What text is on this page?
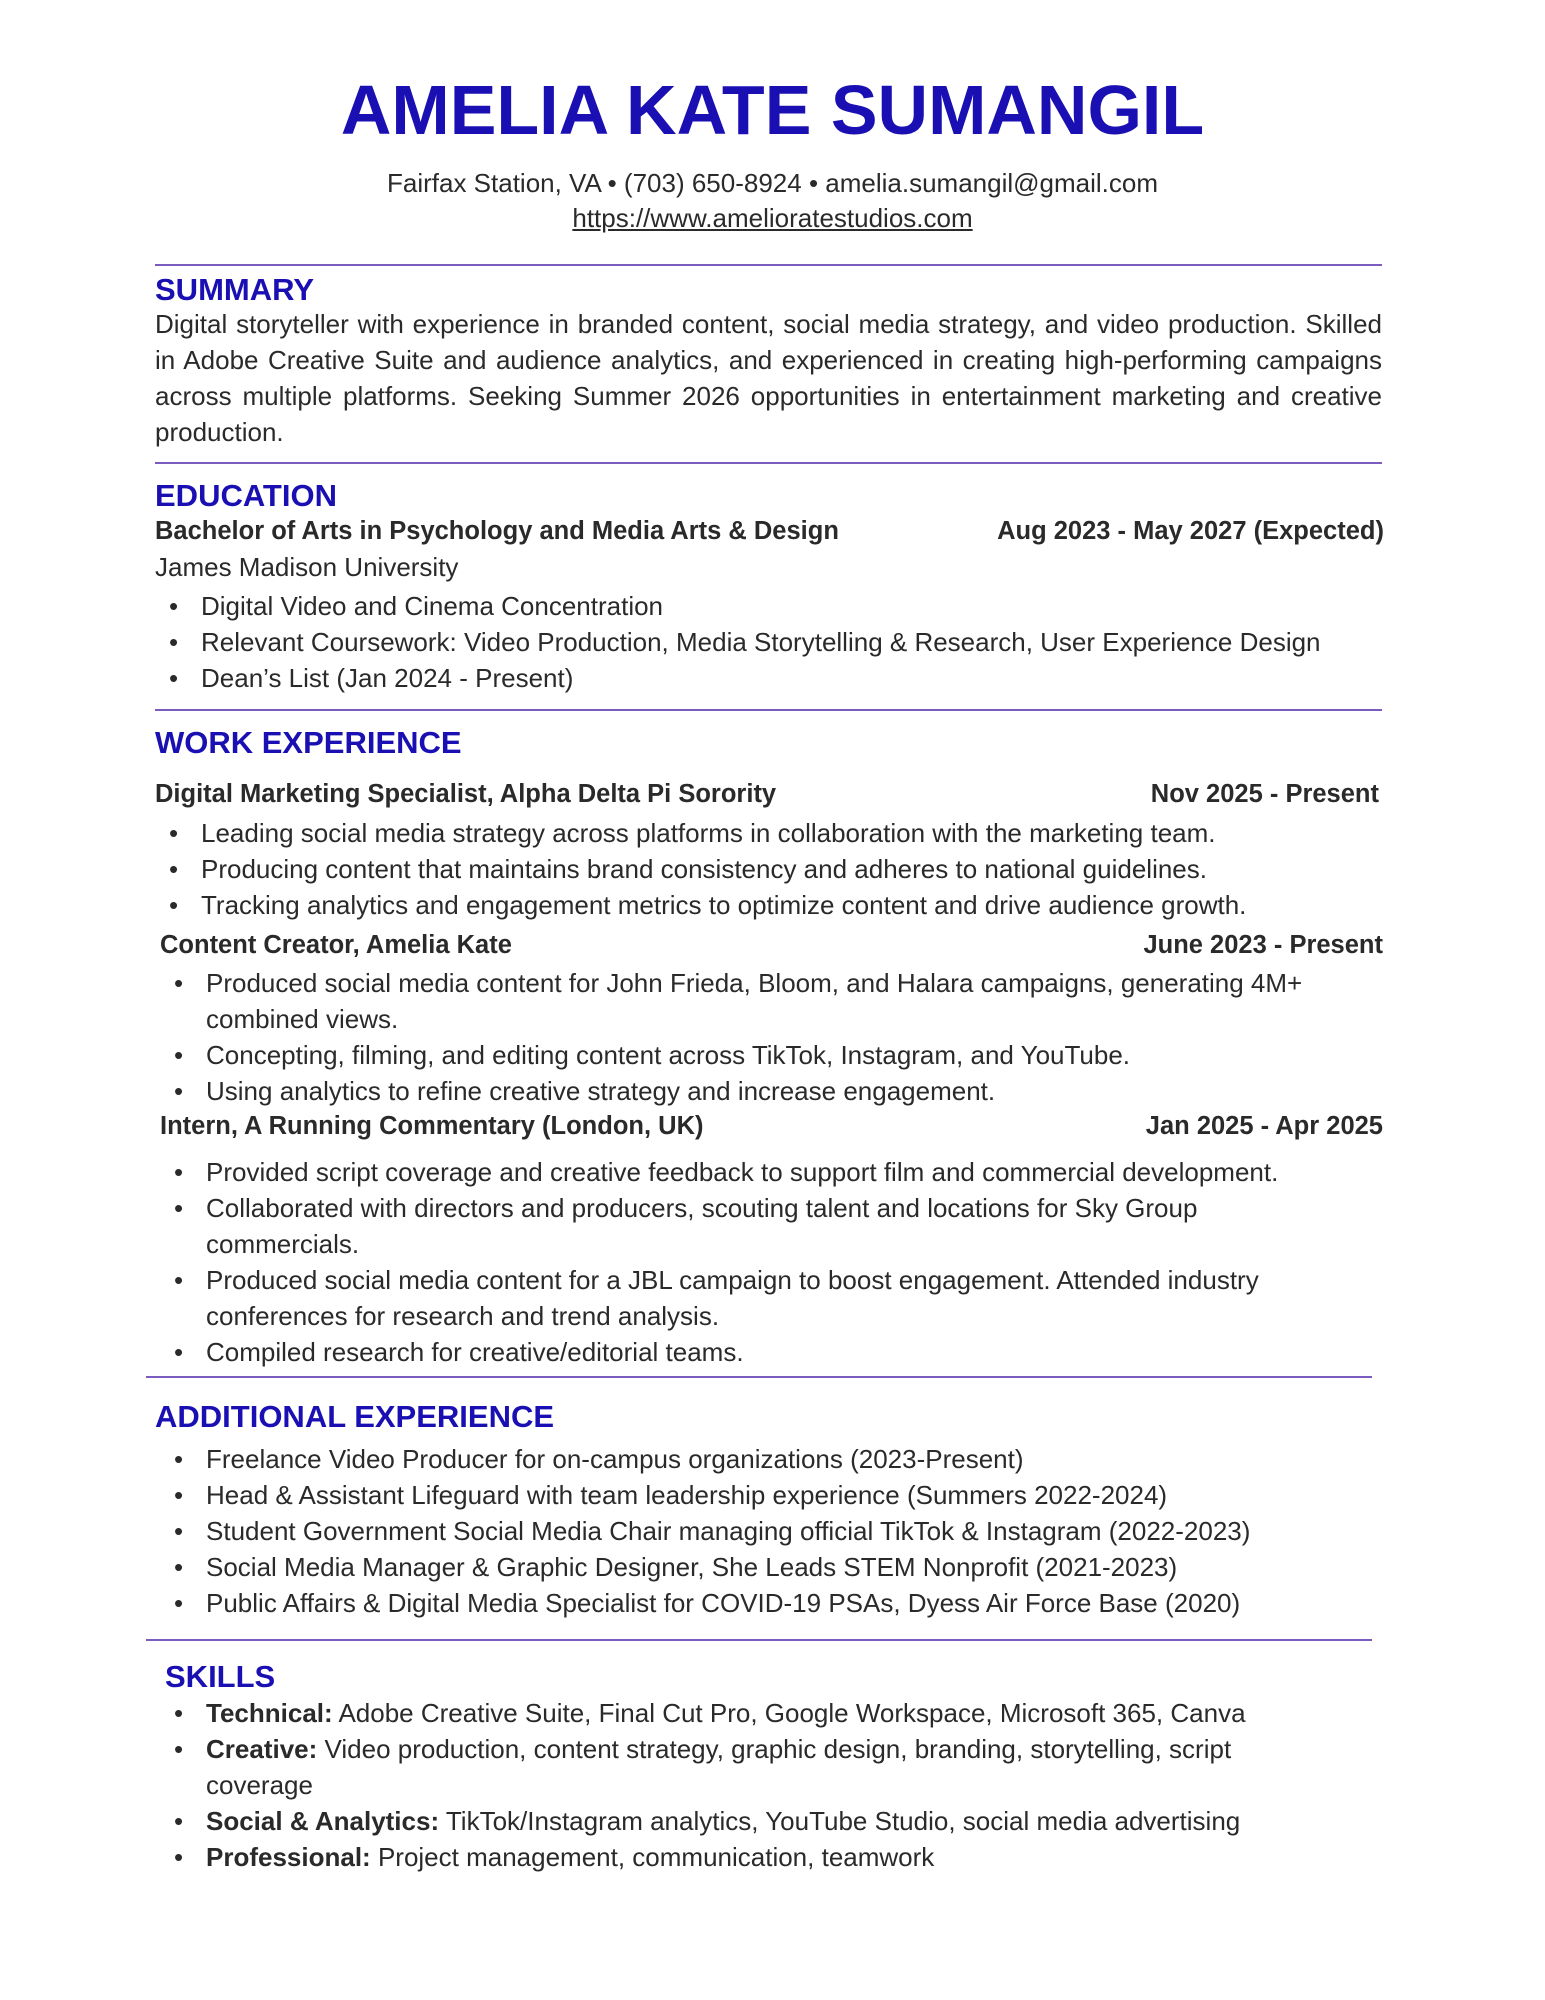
AMELIA KATE SUMANGIL
Fairfax Station, VA • (703) 650-8924 • amelia.sumangil@gmail.com
https://www.amelioratestudios.com
SUMMARY

Digital storyteller with experience in branded content, social media strategy, and video production. Skilled in Adobe Creative Suite and audience analytics, and experienced in creating high-performing campaigns across multiple platforms. Seeking Summer 2026 opportunities in entertainment marketing and creative production.

EDUCATION
Bachelor of Arts in Psychology and Media Arts & Design	Aug 2023 - May 2027 (Expected)
James Madison University
• Digital Video and Cinema Concentration
• Relevant Coursework: Video Production, Media Storytelling & Research, User Experience Design
• Dean’s List (Jan 2024 - Present)
WORK EXPERIENCE
Digital Marketing Specialist, Alpha Delta Pi Sorority	Nov 2025 - Present
• Leading social media strategy across platforms in collaboration with the marketing team.
• Producing content that maintains brand consistency and adheres to national guidelines.
• Tracking analytics and engagement metrics to optimize content and drive audience growth.
Content Creator, Amelia Kate	June 2023 - Present
• Produced social media content for John Frieda, Bloom, and Halara campaigns, generating 4M+ combined views.
• Concepting, filming, and editing content across TikTok, Instagram, and YouTube.
• Using analytics to refine creative strategy and increase engagement.
Intern, A Running Commentary (London, UK)	Jan 2025 - Apr 2025
• Provided script coverage and creative feedback to support film and commercial development.
• Collaborated with directors and producers, scouting talent and locations for Sky Group commercials.
• Produced social media content for a JBL campaign to boost engagement. Attended industry conferences for research and trend analysis.
• Compiled research for creative/editorial teams.
ADDITIONAL EXPERIENCE
• Freelance Video Producer for on-campus organizations (2023-Present)
• Head & Assistant Lifeguard with team leadership experience (Summers 2022-2024)
• Student Government Social Media Chair managing official TikTok & Instagram (2022-2023)
• Social Media Manager & Graphic Designer, She Leads STEM Nonprofit (2021-2023)
• Public Affairs & Digital Media Specialist for COVID-19 PSAs, Dyess Air Force Base (2020)
SKILLS
• Technical: Adobe Creative Suite, Final Cut Pro, Google Workspace, Microsoft 365, Canva
• Creative: Video production, content strategy, graphic design, branding, storytelling, script coverage
• Social & Analytics: TikTok/Instagram analytics, YouTube Studio, social media advertising
• Professional: Project management, communication, teamwork
